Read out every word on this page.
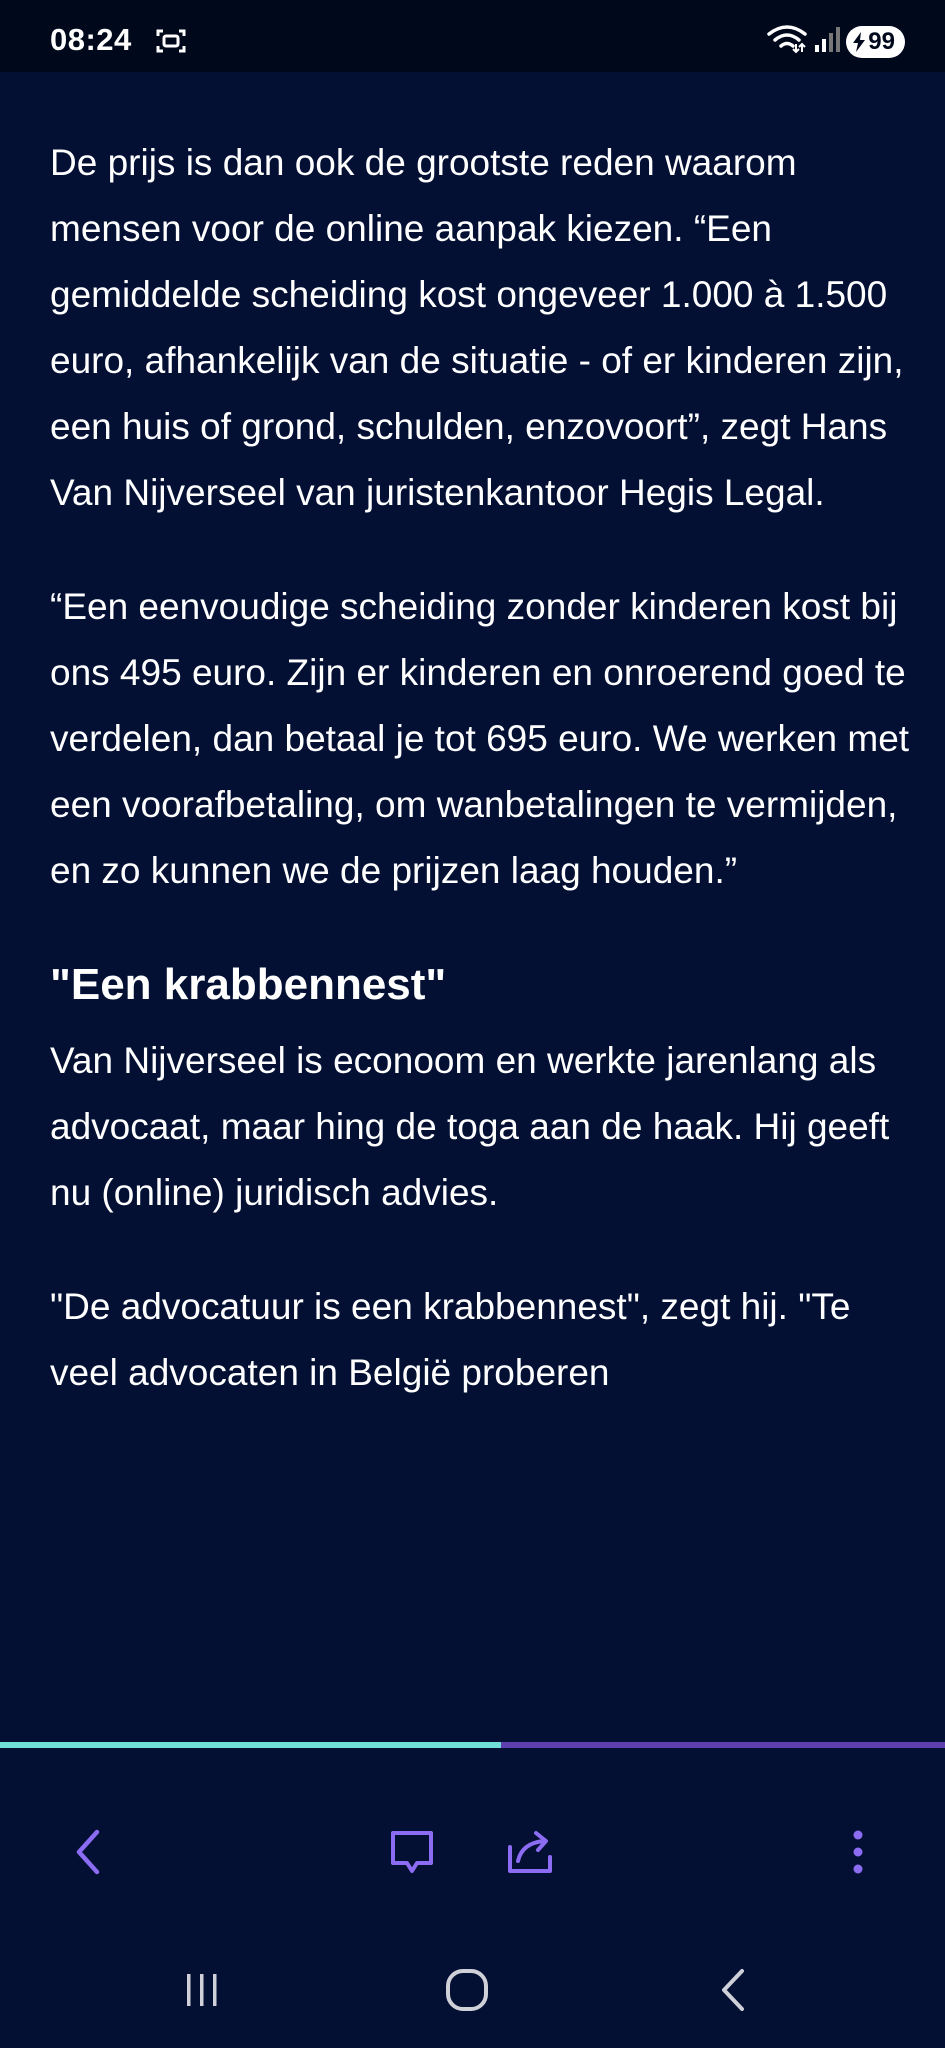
08:24	99

De prijs is dan ook de grootste reden waarom mensen voor de online aanpak kiezen. “Een gemiddelde scheiding kost ongeveer 1.000 à 1.500 euro, afhankelijk van de situatie - of er kinderen zijn, een huis of grond, schulden, enzovoort”, zegt Hans Van Nijverseel van juristenkantoor Hegis Legal.

“Een eenvoudige scheiding zonder kinderen kost bij ons 495 euro. Zijn er kinderen en onroerend goed te verdelen, dan betaal je tot 695 euro. We werken met een voorafbetaling, om wanbetalingen te vermijden, en zo kunnen we de prijzen laag houden.”

"Een krabbennest"

Van Nijverseel is econoom en werkte jarenlang als advocaat, maar hing de toga aan de haak. Hij geeft nu (online) juridisch advies.

"De advocatuur is een krabbennest", zegt hij. "Te veel advocaten in België proberen
